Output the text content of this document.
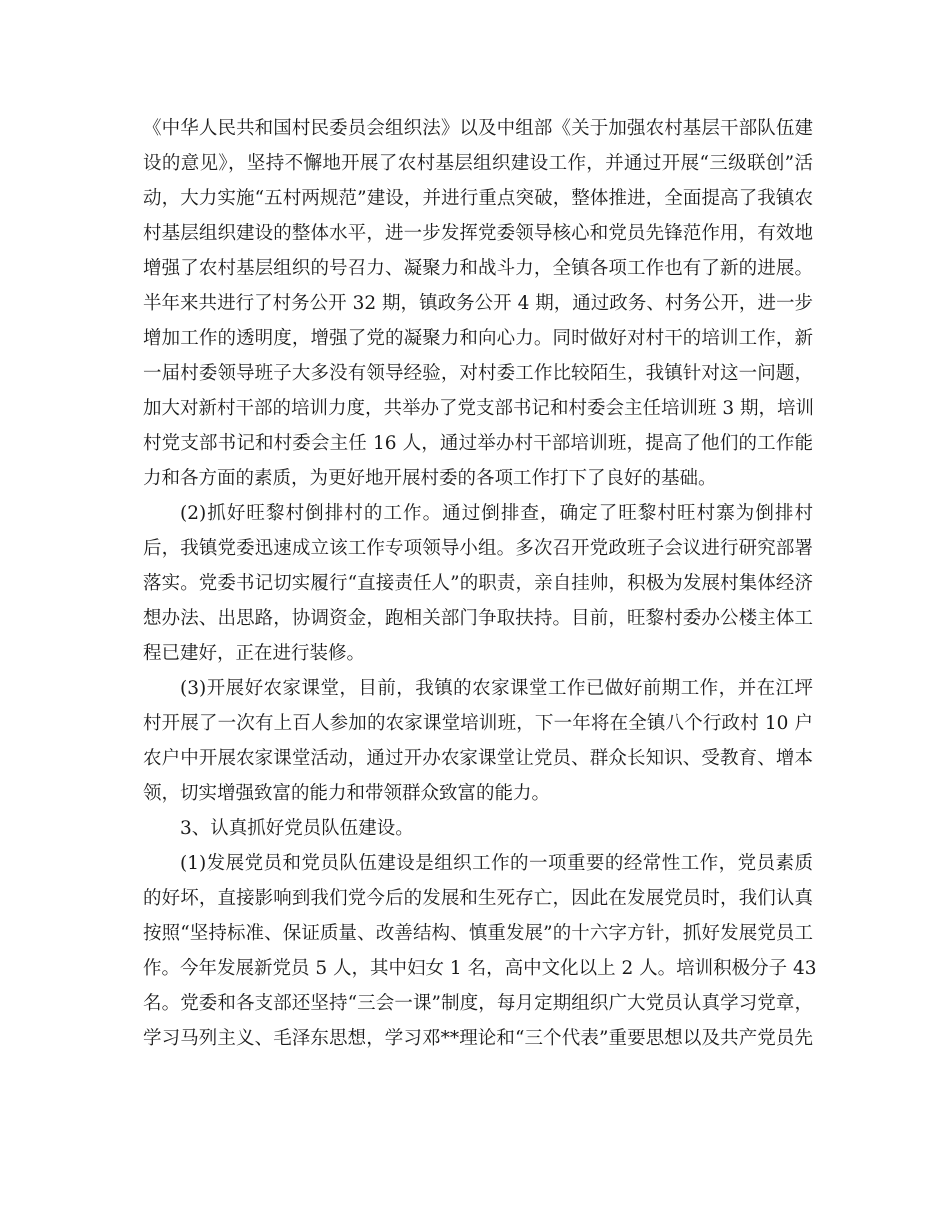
《中华人民共和国村民委员会组织法》以及中组部《关于加强农村基层干部队伍建
设的意见》，坚持不懈地开展了农村基层组织建设工作，并通过开展“三级联创”活
动，大力实施“五村两规范”建设，并进行重点突破，整体推进，全面提高了我镇农
村基层组织建设的整体水平，进一步发挥党委领导核心和党员先锋范作用，有效地
增强了农村基层组织的号召力、凝聚力和战斗力，全镇各项工作也有了新的进展。
半年来共进行了村务公开 32 期，镇政务公开 4 期，通过政务、村务公开，进一步
增加工作的透明度，增强了党的凝聚力和向心力。同时做好对村干的培训工作，新
一届村委领导班子大多没有领导经验，对村委工作比较陌生，我镇针对这一问题，
加大对新村干部的培训力度，共举办了党支部书记和村委会主任培训班 3 期，培训
村党支部书记和村委会主任 16 人，通过举办村干部培训班，提高了他们的工作能
力和各方面的素质，为更好地开展村委的各项工作打下了良好的基础。
(2)抓好旺黎村倒排村的工作。通过倒排查，确定了旺黎村旺村寨为倒排村
后，我镇党委迅速成立该工作专项领导小组。多次召开党政班子会议进行研究部署
落实。党委书记切实履行“直接责任人”的职责，亲自挂帅，积极为发展村集体经济
想办法、出思路，协调资金，跑相关部门争取扶持。目前，旺黎村委办公楼主体工
程已建好，正在进行装修。
(3)开展好农家课堂，目前，我镇的农家课堂工作已做好前期工作，并在江坪
村开展了一次有上百人参加的农家课堂培训班，下一年将在全镇八个行政村 10 户
农户中开展农家课堂活动，通过开办农家课堂让党员、群众长知识、受教育、增本
领，切实增强致富的能力和带领群众致富的能力。
3、认真抓好党员队伍建设。
(1)发展党员和党员队伍建设是组织工作的一项重要的经常性工作，党员素质
的好坏，直接影响到我们党今后的发展和生死存亡，因此在发展党员时，我们认真
按照“坚持标准、保证质量、改善结构、慎重发展”的十六字方针，抓好发展党员工
作。今年发展新党员 5 人，其中妇女 1 名，高中文化以上 2 人。培训积极分子 43
名。党委和各支部还坚持“三会一课”制度，每月定期组织广大党员认真学习党章，
学习马列主义、毛泽东思想，学习邓**理论和“三个代表”重要思想以及共产党员先
